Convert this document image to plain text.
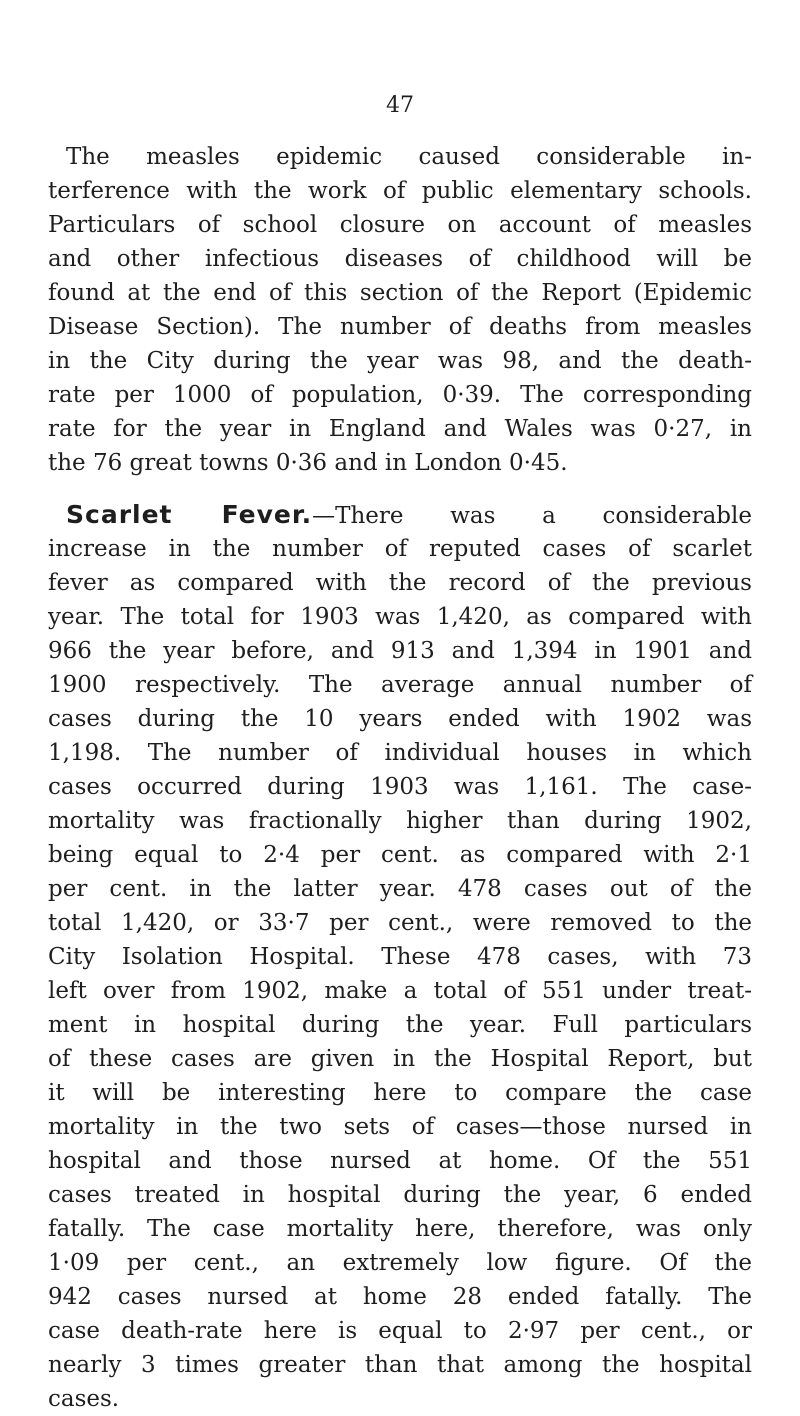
47
The measles epidemic caused considerable in-
terference with the work of public elementary schools.
Particulars of school closure on account of measles
and other infectious diseases of childhood will be
found at the end of this section of the Report (Epidemic
Disease Section). The number of deaths from measles
in the City during the year was 98, and the death-
rate per 1000 of population, 0·39. The corresponding
rate for the year in England and Wales was 0·27, in
the 76 great towns 0·36 and in London 0·45.
Scarlet Fever.—There was a considerable
increase in the number of reputed cases of scarlet
fever as compared with the record of the previous
year. The total for 1903 was 1,420, as compared with
966 the year before, and 913 and 1,394 in 1901 and
1900 respectively. The average annual number of
cases during the 10 years ended with 1902 was
1,198. The number of individual houses in which
cases occurred during 1903 was 1,161. The case-
mortality was fractionally higher than during 1902,
being equal to 2·4 per cent. as compared with 2·1
per cent. in the latter year. 478 cases out of the
total 1,420, or 33·7 per cent., were removed to the
City Isolation Hospital. These 478 cases, with 73
left over from 1902, make a total of 551 under treat-
ment in hospital during the year. Full particulars
of these cases are given in the Hospital Report, but
it will be interesting here to compare the case
mortality in the two sets of cases—those nursed in
hospital and those nursed at home. Of the 551
cases treated in hospital during the year, 6 ended
fatally. The case mortality here, therefore, was only
1·09 per cent., an extremely low figure. Of the
942 cases nursed at home 28 ended fatally. The
case death-rate here is equal to 2·97 per cent., or
nearly 3 times greater than that among the hospital
cases.
